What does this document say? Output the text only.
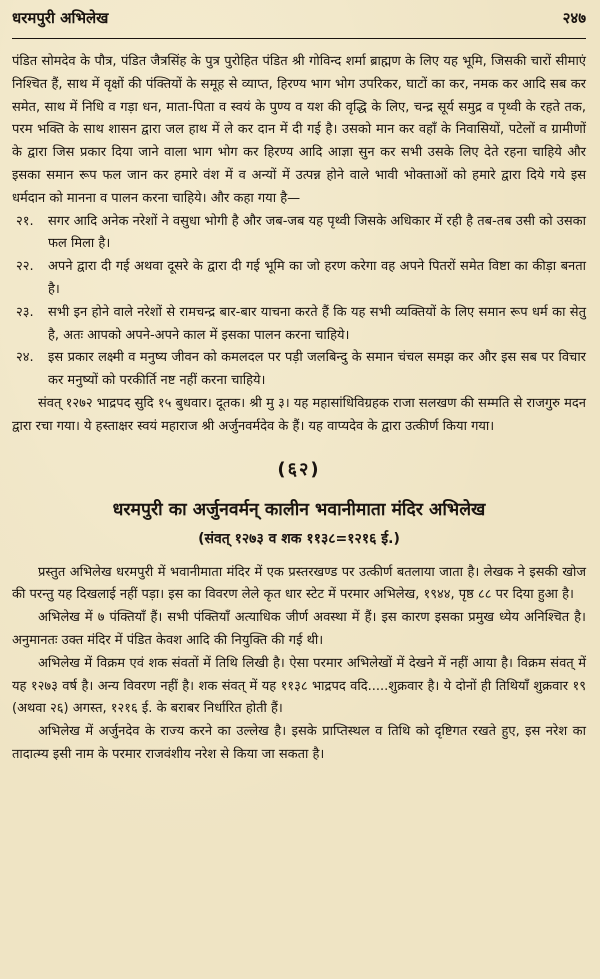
धरमपुरी अभिलेख	२४७

पंडित सोमदेव के पौत्र, पंडित जैत्रसिंह के पुत्र पुरोहित पंडित श्री गोविन्द शर्मा ब्राह्मण के लिए यह भूमि, जिसकी चारों सीमाएं निश्चित हैं, साथ में वृक्षों की पंक्तियों के समूह से व्याप्त, हिरण्य भाग भोग उपरिकर, घाटों का कर, नमक कर आदि सब कर समेत, साथ में निधि व गड़ा धन, माता-पिता व स्वयं के पुण्य व यश की वृद्धि के लिए, चन्द्र सूर्य समुद्र व पृथ्वी के रहते तक, परम भक्ति के साथ शासन द्वारा जल हाथ में ले कर दान में दी गई है। उसको मान कर वहाँ के निवासियों, पटेलों व ग्रामीणों के द्वारा जिस प्रकार दिया जाने वाला भाग भोग कर हिरण्य आदि आज्ञा सुन कर सभी उसके लिए देते रहना चाहिये और इसका समान रूप फल जान कर हमारे वंश में व अन्यों में उत्पन्न होने वाले भावी भोक्ताओं को हमारे द्वारा दिये गये इस धर्मदान को मानना व पालन करना चाहिये। और कहा गया है—

२१.	सगर आदि अनेक नरेशों ने वसुधा भोगी है और जब-जब यह पृथ्वी जिसके अधिकार में रही है तब-तब उसी को उसका फल मिला है।
२२.	अपने द्वारा दी गई अथवा दूसरे के द्वारा दी गई भूमि का जो हरण करेगा वह अपने पितरों समेत विष्टा का कीड़ा बनता है।
२३.	सभी इन होने वाले नरेशों से रामचन्द्र बार-बार याचना करते हैं कि यह सभी व्यक्तियों के लिए समान रूप धर्म का सेतु है, अतः आपको अपने-अपने काल में इसका पालन करना चाहिये।
२४.	इस प्रकार लक्ष्मी व मनुष्य जीवन को कमलदल पर पड़ी जलबिन्दु के समान चंचल समझ कर और इस सब पर विचार कर मनुष्यों को परकीर्ति नष्ट नहीं करना चाहिये।

संवत् १२७२ भाद्रपद सुदि १५ बुधवार। दूतक। श्री मु ३। यह महासांधिविग्रहक राजा सलखण की सम्मति से राजगुरु मदन द्वारा रचा गया। ये हस्ताक्षर स्वयं महाराज श्री अर्जुनवर्मदेव के हैं। यह वाप्यदेव के द्वारा उत्कीर्ण किया गया।

(६२)
धरमपुरी का अर्जुनवर्मन् कालीन भवानीमाता मंदिर अभिलेख
(संवत् १२७३ व शक ११३८=१२१६ ई.)

प्रस्तुत अभिलेख धरमपुरी में भवानीमाता मंदिर में एक प्रस्तरखण्ड पर उत्कीर्ण बतलाया जाता है। लेखक ने इसकी खोज की परन्तु यह दिखलाई नहीं पड़ा। इस का विवरण लेले कृत धार स्टेट में परमार अभिलेख, १९४४, पृष्ठ ८८ पर दिया हुआ है।

अभिलेख में ७ पंक्तियाँ हैं। सभी पंक्तियाँ अत्याधिक जीर्ण अवस्था में हैं। इस कारण इसका प्रमुख ध्येय अनिश्चित है। अनुमानतः उक्त मंदिर में पंडित केवश आदि की नियुक्ति की गई थी।

अभिलेख में विक्रम एवं शक संवतों में तिथि लिखी है। ऐसा परमार अभिलेखों में देखने में नहीं आया है। विक्रम संवत् में यह १२७३ वर्ष है। अन्य विवरण नहीं है। शक संवत् में यह ११३८ भाद्रपद वदि.....शुक्रवार है। ये दोनों ही तिथियाँ शुक्रवार १९ (अथवा २६) अगस्त, १२१६ ई. के बराबर निर्धारित होती हैं।

अभिलेख में अर्जुनदेव के राज्य करने का उल्लेख है। इसके प्राप्तिस्थल व तिथि को दृष्टिगत रखते हुए, इस नरेश का तादात्म्य इसी नाम के परमार राजवंशीय नरेश से किया जा सकता है।
